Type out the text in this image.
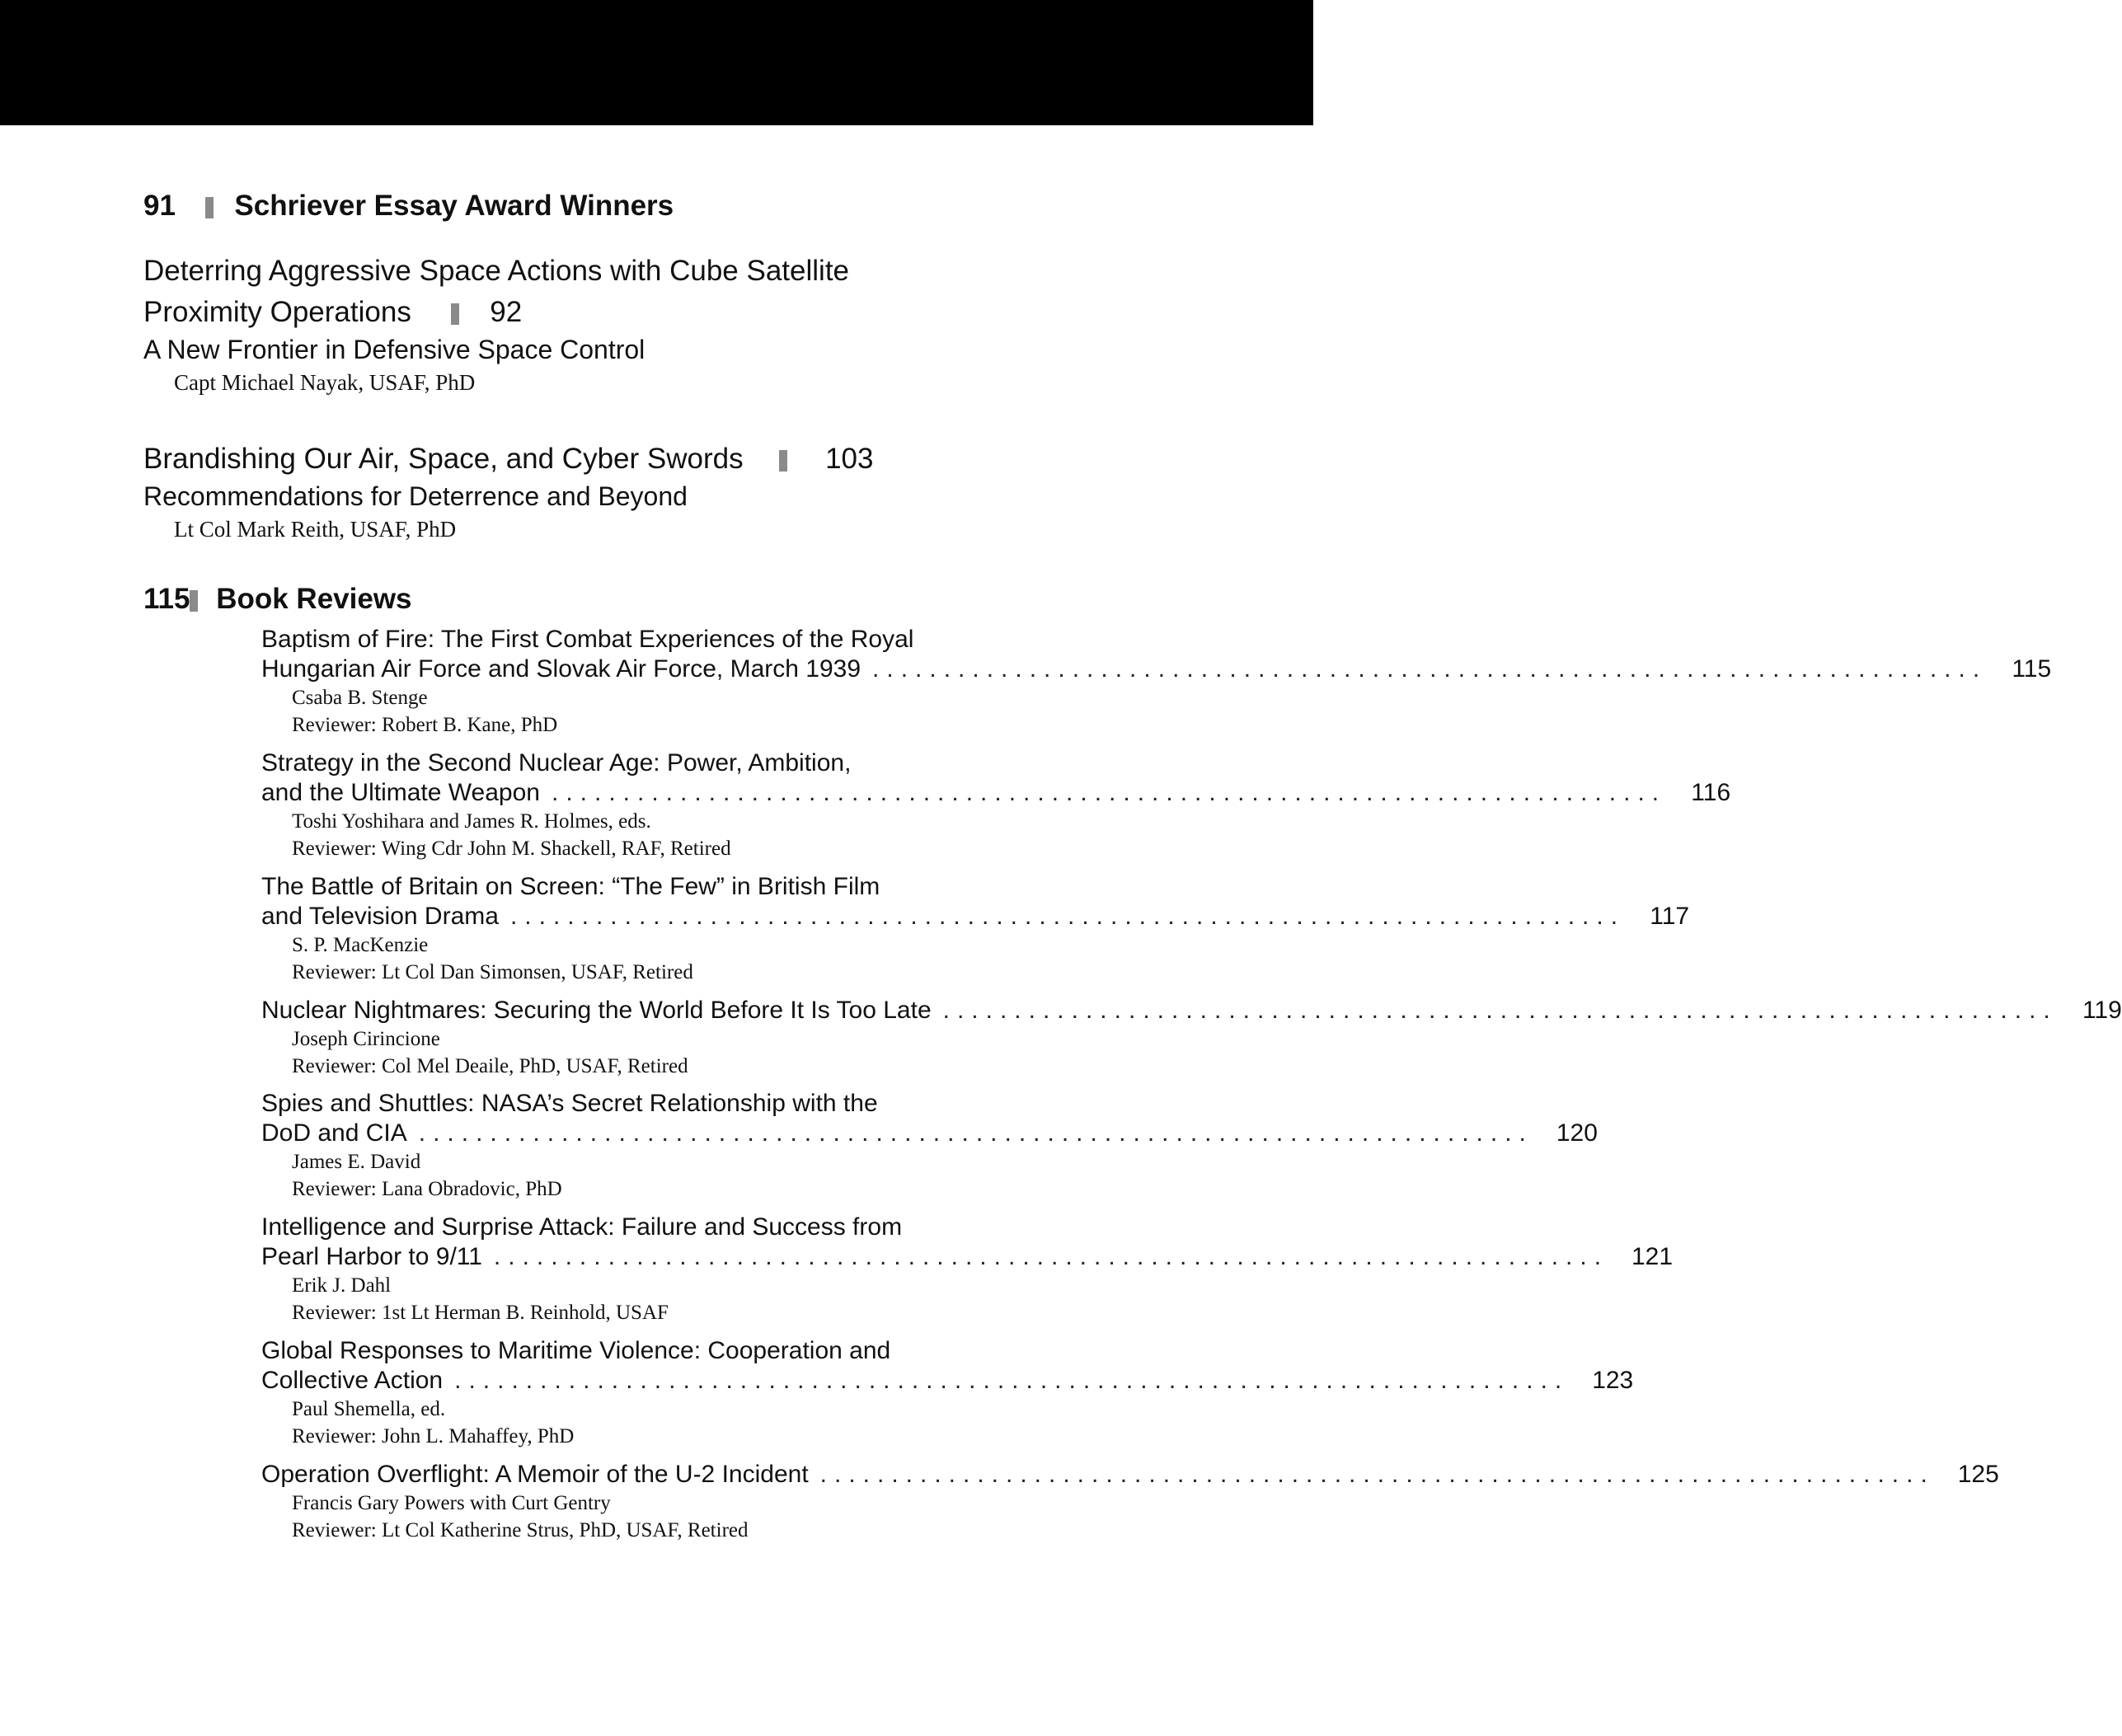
91 Schriever Essay Award Winners
Deterring Aggressive Space Actions with Cube Satellite
Proximity Operations	92
A New Frontier in Defensive Space Control
Capt Michael Nayak, USAF, PhD
Brandishing Our Air, Space, and Cyber Swords	103
Recommendations for Deterrence and Beyond
Lt Col Mark Reith, USAF, PhD
115 Book Reviews
Baptism of Fire: The First Combat Experiences of the Royal
Hungarian Air Force and Slovak Air Force, March 1939 ..............................................................................	115
Csaba B. Stenge
Reviewer: Robert B. Kane, PhD
Strategy in the Second Nuclear Age: Power, Ambition,
and the Ultimate Weapon ..............................................................................	116
Toshi Yoshihara and James R. Holmes, eds.
Reviewer: Wing Cdr John M. Shackell, RAF, Retired
The Battle of Britain on Screen: “The Few” in British Film
and Television Drama ..............................................................................	117
S. P. MacKenzie
Reviewer: Lt Col Dan Simonsen, USAF, Retired
Nuclear Nightmares: Securing the World Before It Is Too Late ..............................................................................	119
Joseph Cirincione
Reviewer: Col Mel Deaile, PhD, USAF, Retired
Spies and Shuttles: NASA’s Secret Relationship with the
DoD and CIA .............................................................................. 120
James E. David
Reviewer: Lana Obradovic, PhD
Intelligence and Surprise Attack: Failure and Success from
Pearl Harbor to 9/11 .............................................................................. 121
Erik J. Dahl
Reviewer: 1st Lt Herman B. Reinhold, USAF
Global Responses to Maritime Violence: Cooperation and
Collective Action .............................................................................. 123
Paul Shemella, ed.
Reviewer: John L. Mahaffey, PhD
Operation Overflight: A Memoir of the U-2 Incident .............................................................................. 125
Francis Gary Powers with Curt Gentry
Reviewer: Lt Col Katherine Strus, PhD, USAF, Retired
